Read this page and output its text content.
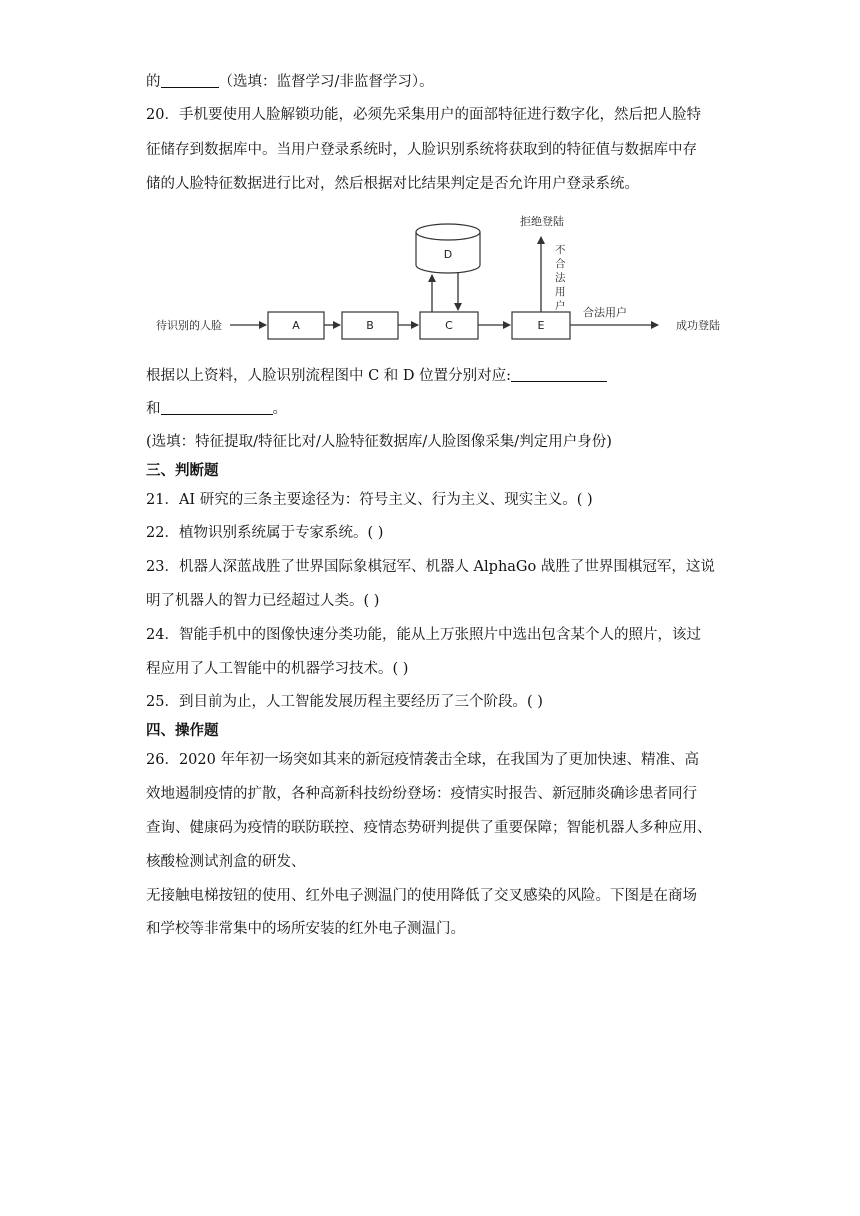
的	（选填：监督学习/非监督学习）。
20．手机要使用人脸解锁功能，必须先采集用户的面部特征进行数字化，然后把人脸特
征储存到数据库中。当用户登录系统时，人脸识别系统将获取到的特征值与数据库中存
储的人脸特征数据进行比对，然后根据对比结果判定是否允许用户登录系统。
待识别的人脸	A	B	C
D
E
拒绝登陆
不
合
法
用
户 合法用户
成功登陆
根据以上资料，人脸识别流程图中 C 和 D 位置分别对应:
和	。
(选填：特征提取/特征比对/人脸特征数据库/人脸图像采集/判定用户身份)
三、判断题
21．AI 研究的三条主要途径为：符号主义、行为主义、现实主义。( )
22．植物识别系统属于专家系统。( )
23．机器人深蓝战胜了世界国际象棋冠军、机器人 AlphaGo 战胜了世界围棋冠军，这说
明了机器人的智力已经超过人类。( )
24．智能手机中的图像快速分类功能，能从上万张照片中选出包含某个人的照片，该过
程应用了人工智能中的机器学习技术。( )
25．到目前为止，人工智能发展历程主要经历了三个阶段。( )
四、操作题
26．2020 年年初一场突如其来的新冠疫情袭击全球，在我国为了更加快速、精准、高
效地遏制疫情的扩散，各种高新科技纷纷登场：疫情实时报告、新冠肺炎确诊患者同行
查询、健康码为疫情的联防联控、疫情态势研判提供了重要保障；智能机器人多种应用、
核酸检测试剂盒的研发、
无接触电梯按钮的使用、红外电子测温门的使用降低了交叉感染的风险。下图是在商场
和学校等非常集中的场所安装的红外电子测温门。
